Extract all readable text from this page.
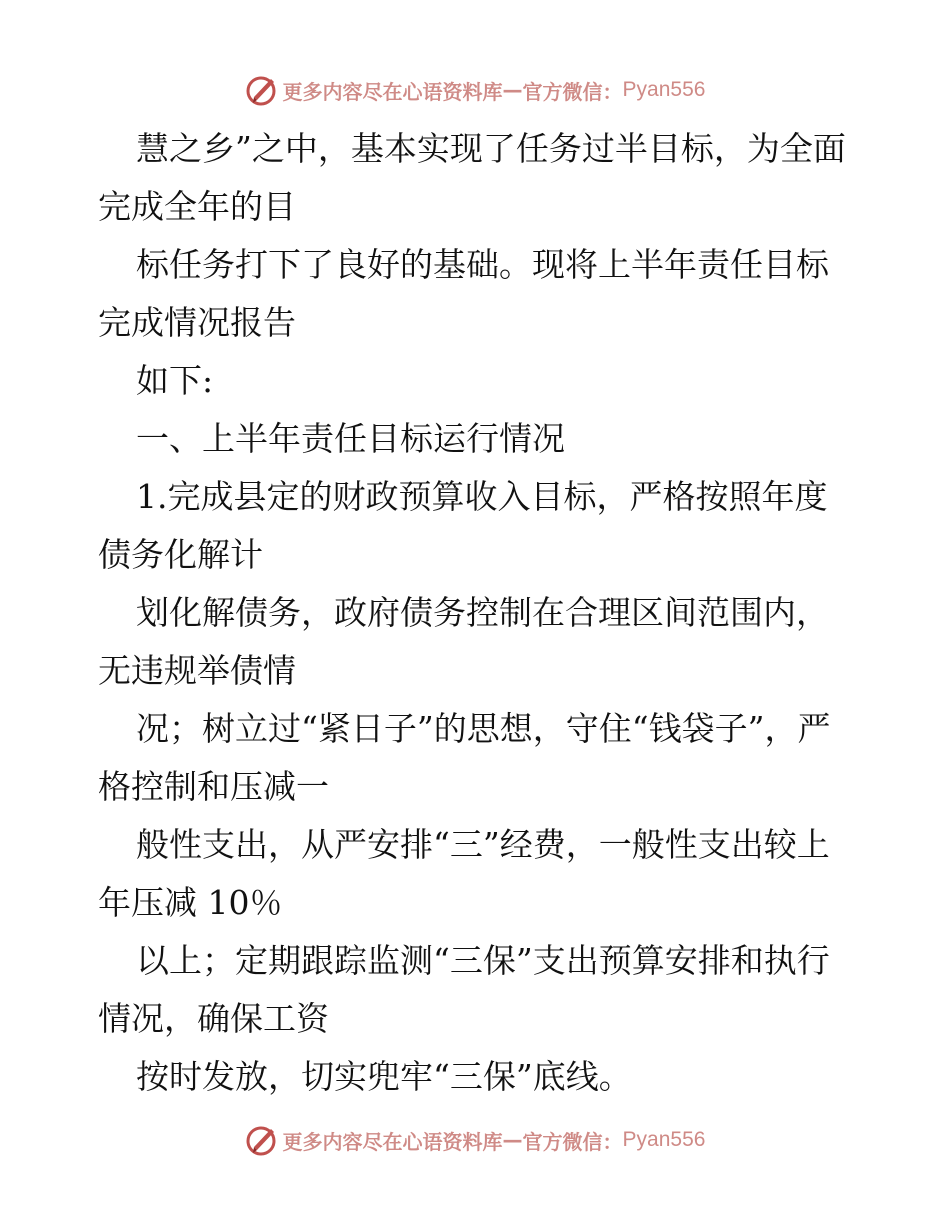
更多内容尽在心语资料库 — 官方微信： Pyan556

慧之乡”之中，基本实现了任务过半目标，为全面完成全年的目

标任务打下了良好的基础。现将上半年责任目标完成情况报告

如下:

一、上半年责任目标运行情况

1.完成县定的财政预算收入目标，严格按照年度债务化解计

划化解债务，政府债务控制在合理区间范围内，无违规举债情

况；树立过“紧日子”的思想，守住“钱袋子”，严格控制和压减一

般性支出，从严安排“三”经费，一般性支出较上年压减 10％

以上；定期跟踪监测“三保”支出预算安排和执行情况，确保工资

按时发放，切实兜牢“三保”底线。

更多内容尽在心语资料库 — 官方微信： Pyan556
